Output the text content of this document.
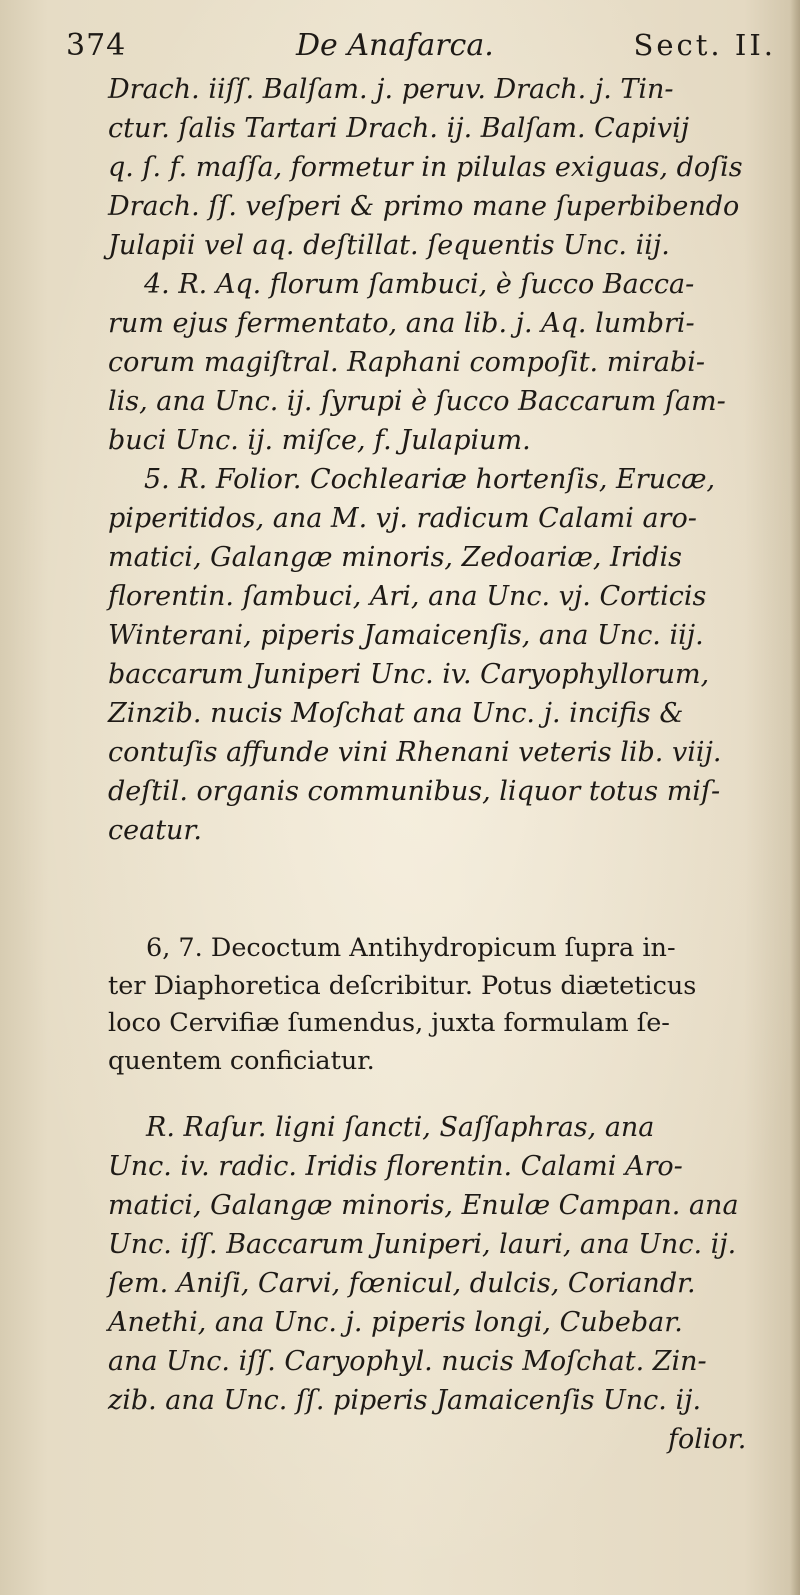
374	De Anafarca.	Sect. II.
Drach. iiſſ. Balſam. j. peruv. Drach. j. Tin-
ctur. ſalis Tartari Drach. ij. Balſam. Capivij
q. ſ. f. maſſa, formetur in pilulas exiguas, doſis
Drach. ſſ. veſperi & primo mane ſuperbibendo
Julapii vel aq. deſtillat. ſequentis Unc. iij.
4. R. Aq. florum ſambuci, è ſucco Bacca-
rum ejus fermentato, ana lib. j. Aq. lumbri-
corum magiſtral. Raphani compoſit. mirabi-
lis, ana Unc. ij. ſyrupi è ſucco Baccarum ſam-
buci Unc. ij. miſce, f. Julapium.
5. R. Folior. Cochleariæ hortenſis, Erucæ,
piperitidos, ana M. vj. radicum Calami aro-
matici, Galangæ minoris, Zedoariæ, Iridis
florentin. ſambuci, Ari, ana Unc. vj. Corticis
Winterani, piperis Jamaicenſis, ana Unc. iij.
baccarum Juniperi Unc. iv. Caryophyllorum,
Zinzib. nucis Moſchat ana Unc. j. incifis &
contuſis affunde vini Rhenani veteris lib. viij.
deſtil. organis communibus, liquor totus miſ-
ceatur.
6, 7. Decoctum Antihydropicum ſupra in-
ter Diaphoretica deſcribitur. Potus diæteticus
loco Cervifiæ ſumendus, juxta formulam ſe-
quentem conficiatur.
R. Raſur. ligni ſancti, Saſſaphras, ana
Unc. iv. radic. Iridis florentin. Calami Aro-
matici, Galangæ minoris, Enulæ Campan. ana
Unc. iſſ. Baccarum Juniperi, lauri, ana Unc. ij.
ſem. Aniſi, Carvi, fœnicul, dulcis, Coriandr.
Anethi, ana Unc. j. piperis longi, Cubebar.
ana Unc. iſſ. Caryophyl. nucis Moſchat. Zin-
zib. ana Unc. ſſ. piperis Jamaicenſis Unc. ij.
folior.
